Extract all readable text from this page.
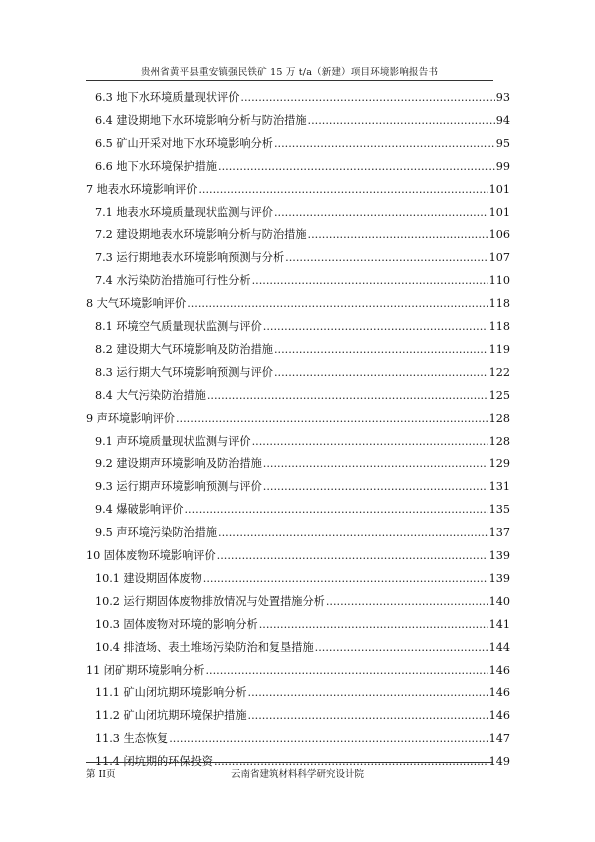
贵州省黄平县重安镇强民铁矿 15 万 t/a（新建）项目环境影响报告书
6.3 地下水环境质量现状评价 .....	93
6.4 建设期地下水环境影响分析与防治措施 .....	94
6.5 矿山开采对地下水环境影响分析 .....	95
6.6 地下水环境保护措施 .....	99
7 地表水环境影响评价 .....	101
7.1 地表水环境质量现状监测与评价 .....	101
7.2 建设期地表水环境影响分析与防治措施 .....	106
7.3 运行期地表水环境影响预测与分析 .....	107
7.4 水污染防治措施可行性分析 .....	110
8 大气环境影响评价 .....	118
8.1 环境空气质量现状监测与评价 .....	118
8.2 建设期大气环境影响及防治措施 .....	119
8.3 运行期大气环境影响预测与评价 .....	122
8.4 大气污染防治措施 .....	125
9 声环境影响评价 .....	128
9.1 声环境质量现状监测与评价 .....	128
9.2 建设期声环境影响及防治措施 .....	129
9.3 运行期声环境影响预测与评价 .....	131
9.4 爆破影响评价 .....	135
9.5 声环境污染防治措施 .....	137
10 固体废物环境影响评价 .....	139
10.1 建设期固体废物 .....	139
10.2 运行期固体废物排放情况与处置措施分析 .....	140
10.3 固体废物对环境的影响分析 .....	141
10.4 排渣场、表土堆场污染防治和复垦措施 .....	144
11 闭矿期环境影响分析 .....	146
11.1 矿山闭坑期环境影响分析 .....	146
11.2 矿山闭坑期环境保护措施 .....	146
11.3 生态恢复 .....	147
11.4 闭坑期的环保投资 .....	149
第 II页	云南省建筑材料科学研究设计院
